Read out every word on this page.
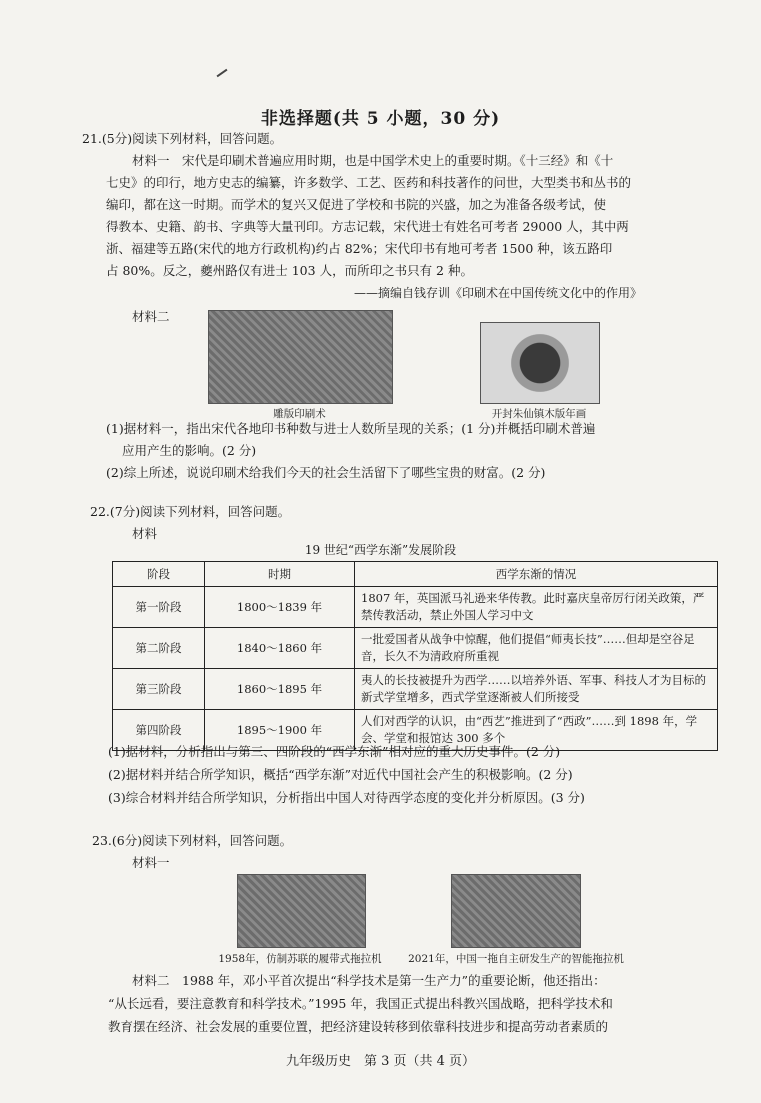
非选择题(共 5 小题，30 分)
21.(5分)阅读下列材料，回答问题。
材料一　宋代是印刷术普遍应用时期，也是中国学术史上的重要时期。《十三经》和《十
七史》的印行，地方史志的编纂，许多数学、工艺、医药和科技著作的问世，大型类书和丛书的
编印，都在这一时期。而学术的复兴又促进了学校和书院的兴盛，加之为准备各级考试，使
得教本、史籍、韵书、字典等大量刊印。方志记载，宋代进士有姓名可考者 29000 人，其中两
浙、福建等五路(宋代的地方行政机构)约占 82%；宋代印书有地可考者 1500 种，该五路印
占 80%。反之，夔州路仅有进士 103 人，而所印之书只有 2 种。
——摘编自钱存训《印刷术在中国传统文化中的作用》
材料二
雕版印刷术	开封朱仙镇木版年画
(1)据材料一，指出宋代各地印书种数与进士人数所呈现的关系；(1 分)并概括印刷术普遍
应用产生的影响。(2 分)
(2)综上所述，说说印刷术给我们今天的社会生活留下了哪些宝贵的财富。(2 分)
22.(7分)阅读下列材料，回答问题。
材料
19 世纪“西学东渐”发展阶段
阶段	时期	西学东渐的情况
第一阶段	1800～1839 年	1807 年，英国派马礼逊来华传教。此时嘉庆皇帝厉行闭关政策，严禁传教活动，禁止外国人学习中文
第二阶段	1840～1860 年	一批爱国者从战争中惊醒，他们提倡“师夷长技”……但却是空谷足音，长久不为清政府所重视
第三阶段	1860～1895 年	夷人的长技被提升为西学……以培养外语、军事、科技人才为目标的新式学堂增多，西式学堂逐渐被人们所接受
第四阶段	1895～1900 年	人们对西学的认识，由“西艺”推进到了“西政”……到 1898 年，学会、学堂和报馆达 300 多个
(1)据材料，分析指出与第三、四阶段的“西学东渐”相对应的重大历史事件。(2 分)
(2)据材料并结合所学知识，概括“西学东渐”对近代中国社会产生的积极影响。(2 分)
(3)综合材料并结合所学知识，分析指出中国人对待西学态度的变化并分析原因。(3 分)
23.(6分)阅读下列材料，回答问题。
材料一
1958年，仿制苏联的履带式拖拉机	2021年，中国一拖自主研发生产的智能拖拉机
材料二　1988 年，邓小平首次提出“科学技术是第一生产力”的重要论断，他还指出：
“从长远看，要注意教育和科学技术。”1995 年，我国正式提出科教兴国战略，把科学技术和
教育摆在经济、社会发展的重要位置，把经济建设转移到依靠科技进步和提高劳动者素质的
九年级历史　第 3 页（共 4 页）
